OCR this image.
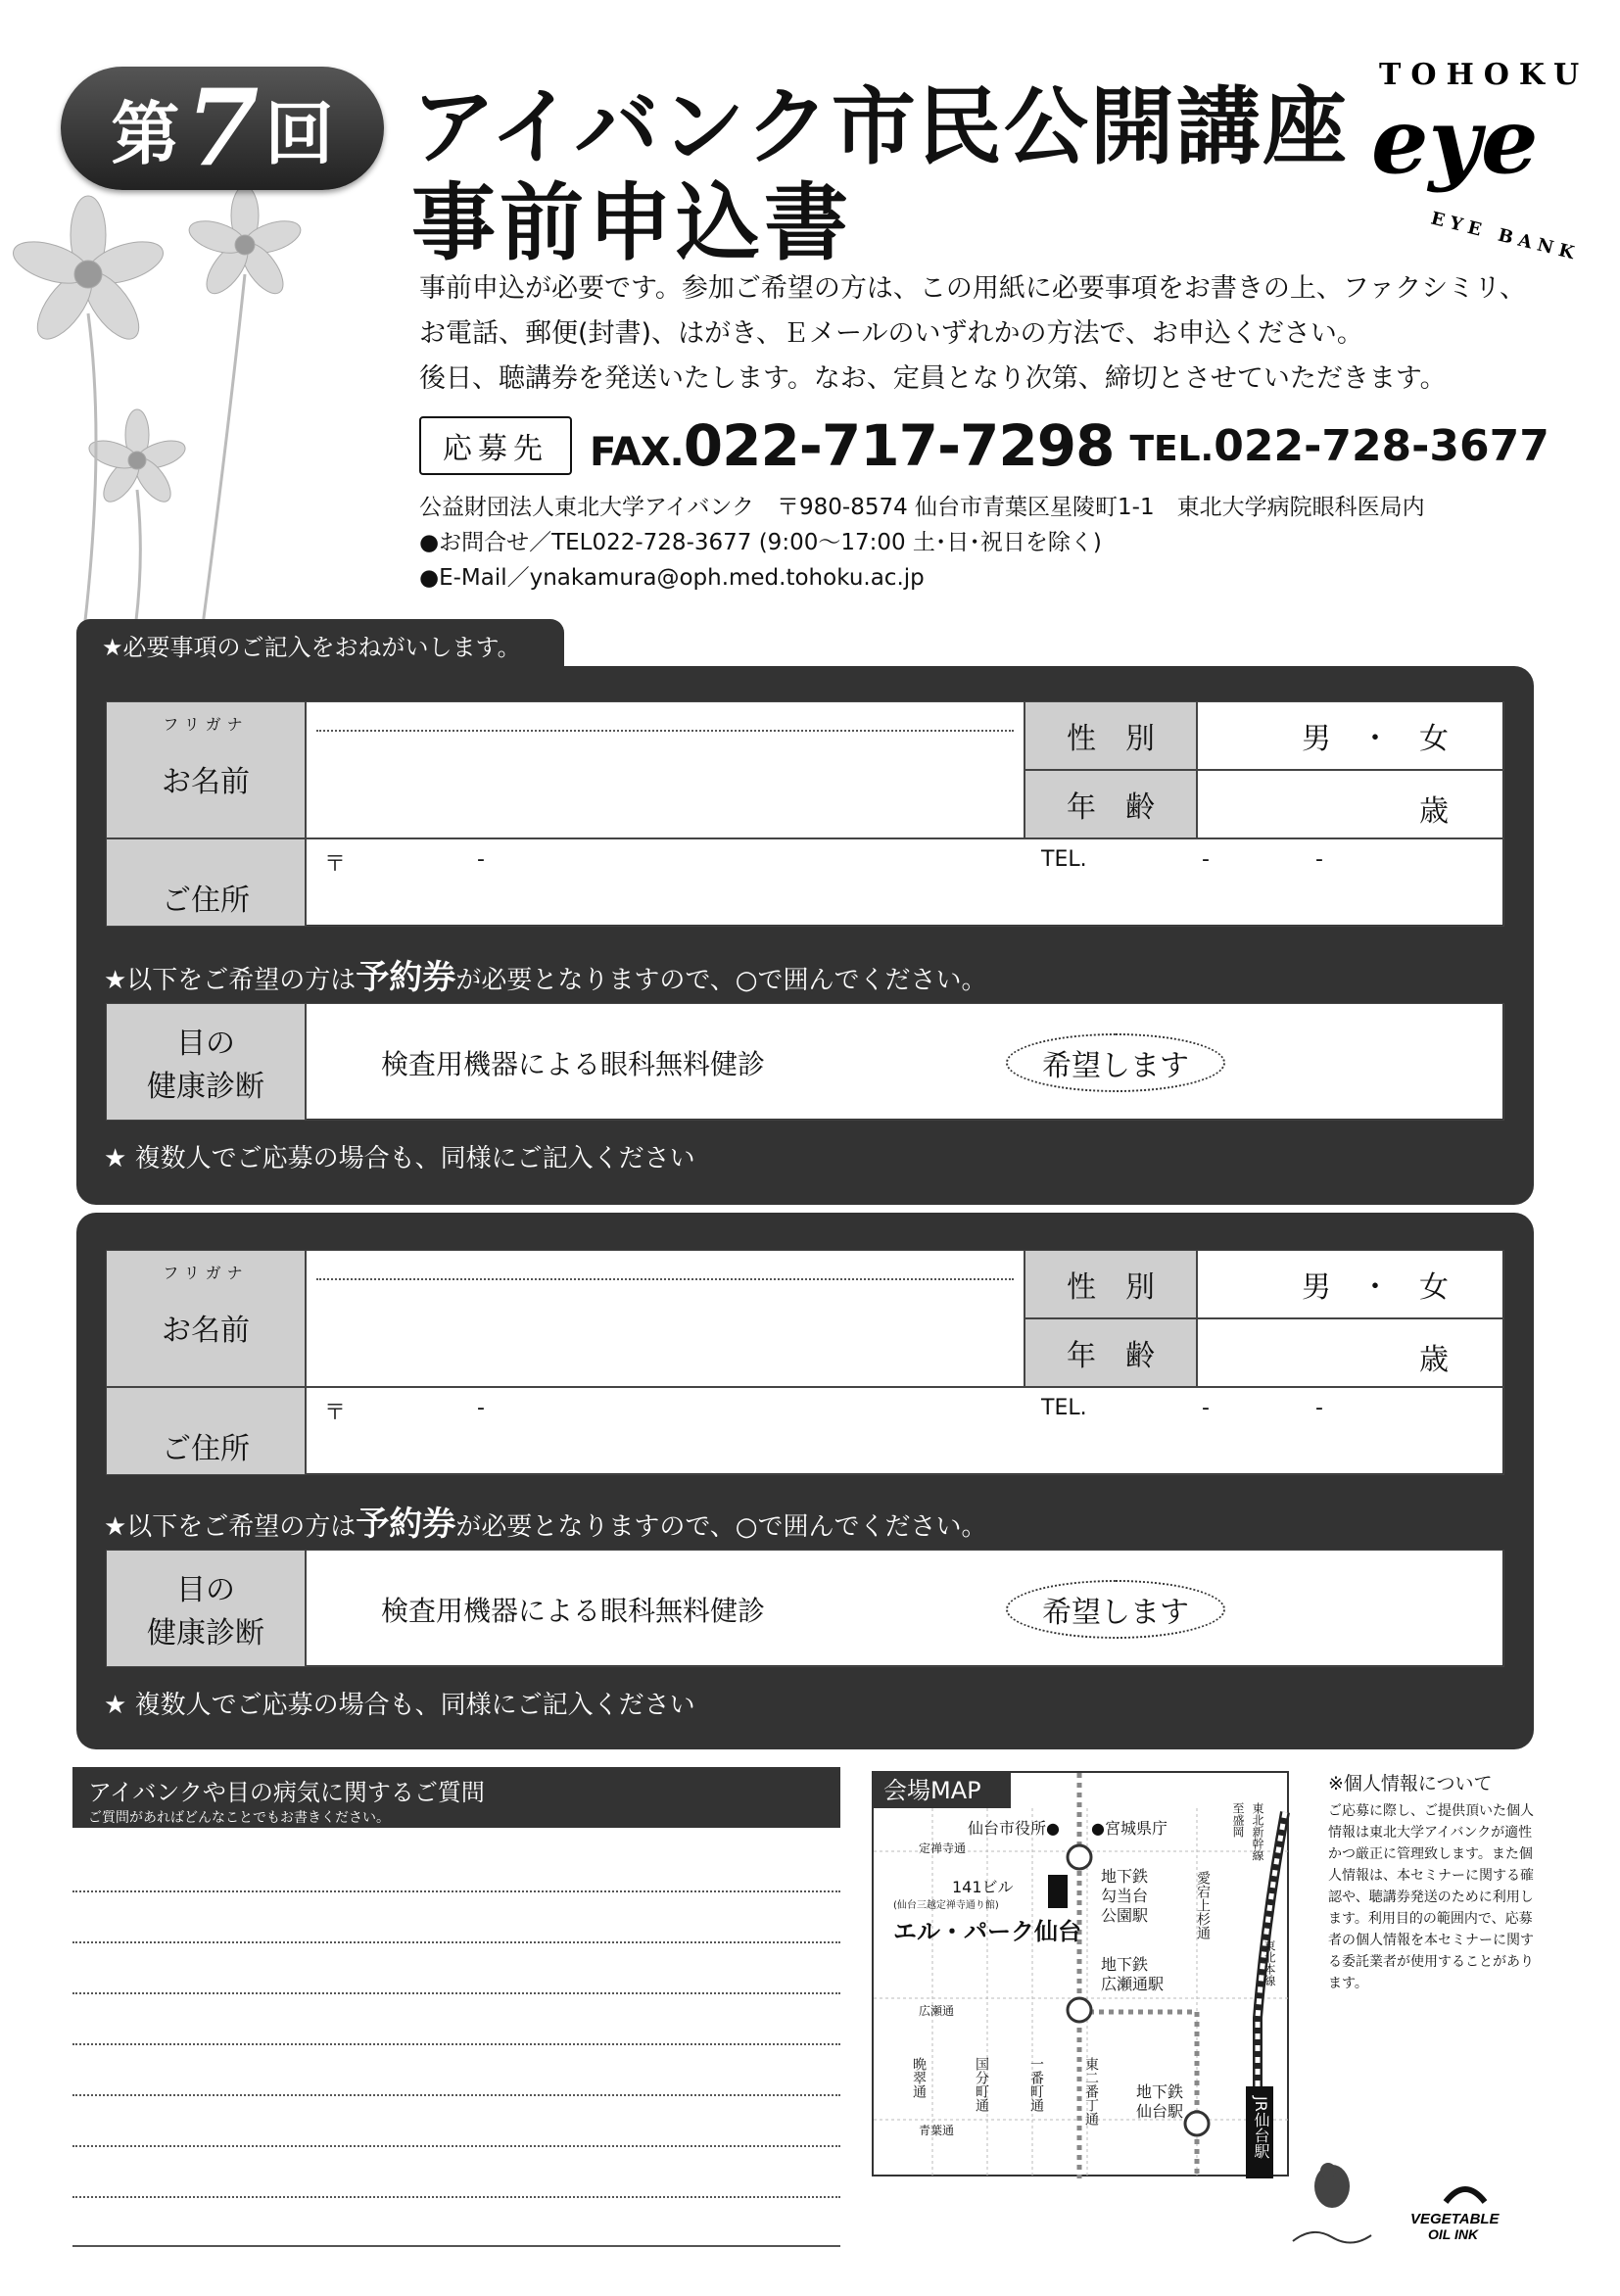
第 7 回 アイバンク市民公開講座
事前申込書
TOHOKU
eye
EYE BANK

事前申込が必要です。参加ご希望の方は、この用紙に必要事項をお書きの上、ファクシミリ、

お電話、郵便(封書)、はがき、Ｅメールのいずれかの方法で、お申込ください。

後日、聴講券を発送いたします。なお、定員となり次第、締切とさせていただきます。

応募先	FAX.022-717-7298 TEL.022-728-3677
公益財団法人東北大学アイバンク　〒980-8574 仙台市青葉区星陵町1-1　東北大学病院眼科医局内
●お問合せ／TEL022-728-3677 (9:00〜17:00 土･日･祝日を除く)
●E-Mail／ynakamura@oph.med.tohoku.ac.jp
★必要事項のご記入をおねがいします。
フリガナ
お名前
性　別	男　・　女
年　齢	歳
ご住所
〒	-	TEL.	-	-
★以下をご希望の方は予約券が必要となりますので、○で囲んでください。
目の
健康診断
検査用機器による眼科無料健診	希望します
★ 複数人でご応募の場合も、同様にご記入ください
フリガナ
お名前
性　別	男　・　女
年　齢	歳
ご住所
〒	-	TEL.	-	-
★以下をご希望の方は予約券が必要となりますので、○で囲んでください。
目の
健康診断
検査用機器による眼科無料健診	希望します
★ 複数人でご応募の場合も、同様にご記入ください
アイバンクや目の病気に関するご質問
ご質問があればどんなことでもお書きください。
会場MAP
仙台市役所● ●宮城県庁
定禅寺通
141ビル
(仙台三越定禅寺通り館)
エル・パーク仙台
地下鉄
勾当台
公園駅
地下鉄
広瀬通駅
地下鉄
仙台駅
広瀬通
青葉通
晩翠通	国分町通	一番町通	東二番丁通
愛宕上杉通
至盛岡 東北新幹線
東北本線
JR仙台駅
※個人情報について
ご応募に際し、ご提供頂いた個人情報は東北大学アイバンクが適性かつ厳正に管理致します。また個人情報は、本セミナーに関する確認や、聴講券発送のために利用します。利用目的の範囲内で、応募者の個人情報を本セミナーに関する委託業者が使用することがあります。
VEGETABLE
OIL INK
